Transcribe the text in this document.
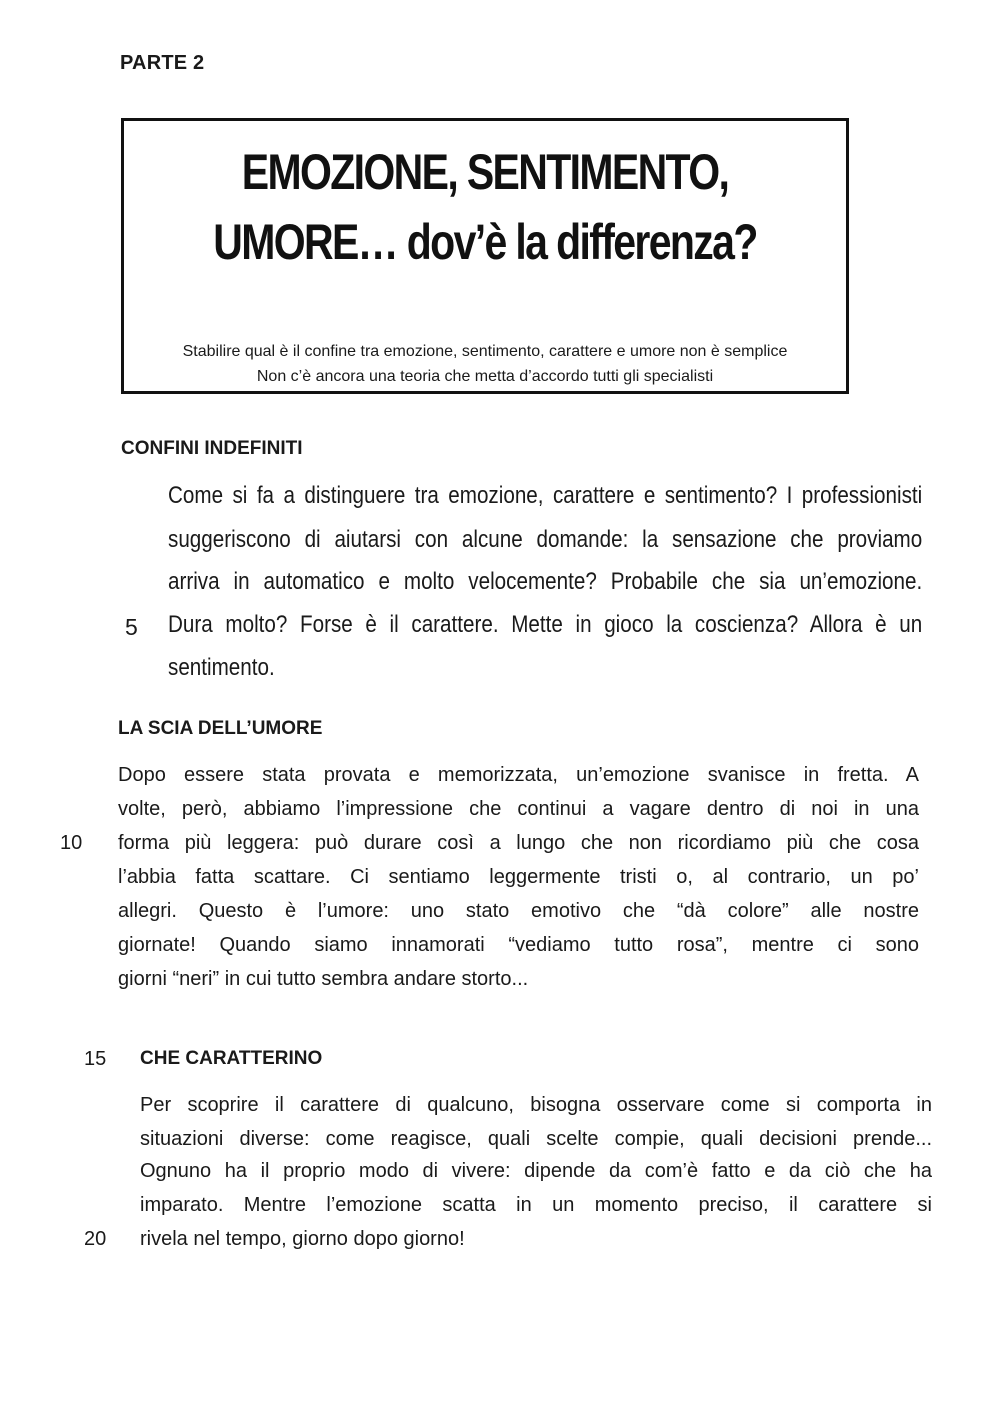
PARTE 2
EMOZIONE, SENTIMENTO,
UMORE… dov’è la differenza?
Stabilire qual è il confine tra emozione, sentimento, carattere e umore non è semplice
Non c’è ancora una teoria che metta d’accordo tutti gli specialisti
CONFINI INDEFINITI
Come si fa a distinguere tra emozione, carattere e sentimento? I professionisti
suggeriscono di aiutarsi con alcune domande: la sensazione che proviamo
arriva in automatico e molto velocemente? Probabile che sia un’emozione.
5 Dura molto? Forse è il carattere. Mette in gioco la coscienza? Allora è un
sentimento.
LA SCIA DELL’UMORE
Dopo essere stata provata e memorizzata, un’emozione svanisce in fretta. A
volte, però, abbiamo l’impressione che continui a vagare dentro di noi in una
10 forma più leggera: può durare così a lungo che non ricordiamo più che cosa
l’abbia fatta scattare. Ci sentiamo leggermente tristi o, al contrario, un po’
allegri. Questo è l’umore: uno stato emotivo che “dà colore” alle nostre
giornate! Quando siamo innamorati “vediamo tutto rosa”, mentre ci sono
giorni “neri” in cui tutto sembra andare storto...
15 CHE CARATTERINO
Per scoprire il carattere di qualcuno, bisogna osservare come si comporta in
situazioni diverse: come reagisce, quali scelte compie, quali decisioni prende...
Ognuno ha il proprio modo di vivere: dipende da com’è fatto e da ciò che ha
imparato. Mentre l’emozione scatta in un momento preciso, il carattere si
20 rivela nel tempo, giorno dopo giorno!
